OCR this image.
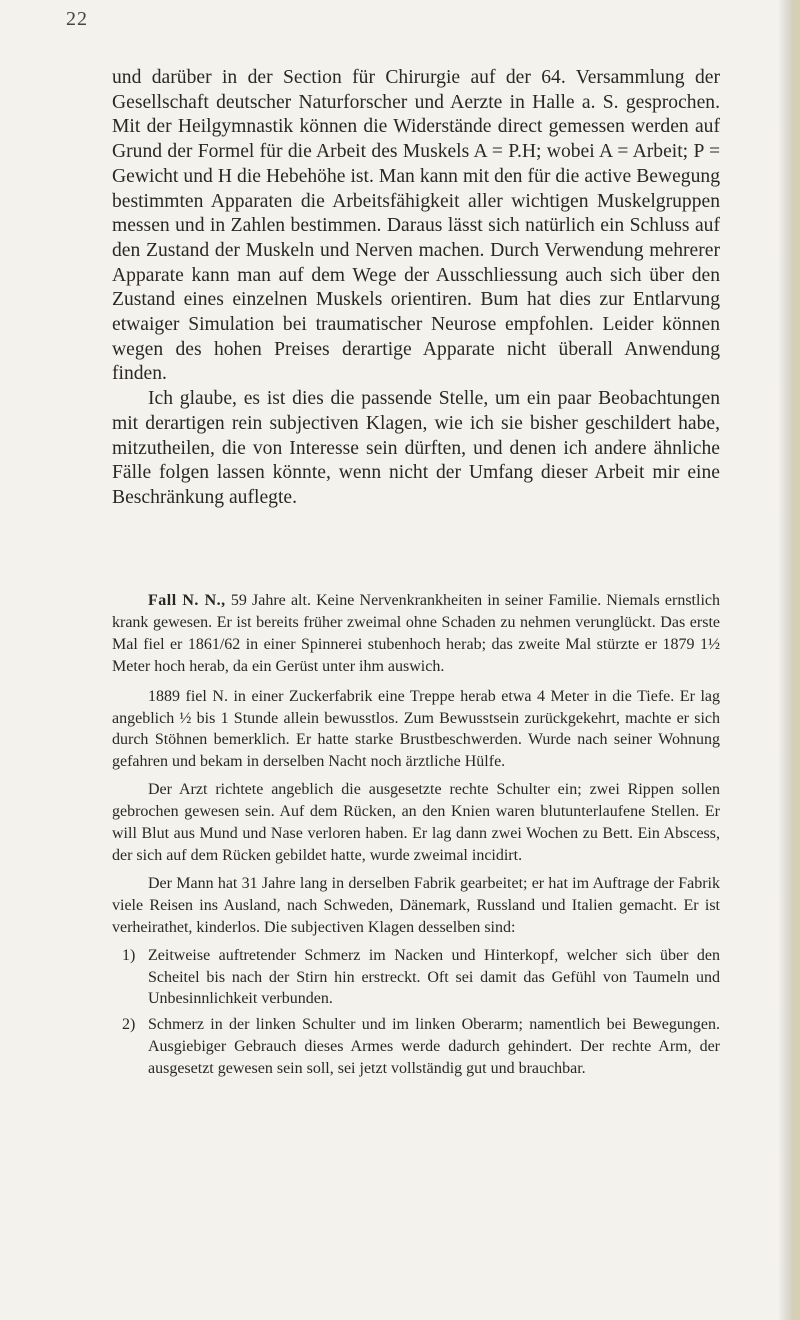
22

und darüber in der Section für Chirurgie auf der 64. Versammlung der Gesellschaft deutscher Naturforscher und Aerzte in Halle a. S. gesprochen. Mit der Heilgymnastik können die Widerstände direct gemessen werden auf Grund der Formel für die Arbeit des Muskels A = P.H; wobei A = Arbeit; P = Gewicht und H die Hebehöhe ist. Man kann mit den für die active Bewegung bestimmten Apparaten die Arbeitsfähigkeit aller wichtigen Muskelgruppen messen und in Zahlen bestimmen. Daraus lässt sich natürlich ein Schluss auf den Zustand der Muskeln und Nerven machen. Durch Verwendung mehrerer Apparate kann man auf dem Wege der Ausschliessung auch sich über den Zustand eines einzelnen Muskels orientiren. Bum hat dies zur Entlarvung etwaiger Simulation bei traumatischer Neurose empfohlen. Leider können wegen des hohen Preises derartige Apparate nicht überall Anwendung finden.

Ich glaube, es ist dies die passende Stelle, um ein paar Beobachtungen mit derartigen rein subjectiven Klagen, wie ich sie bisher geschildert habe, mitzutheilen, die von Interesse sein dürften, und denen ich andere ähnliche Fälle folgen lassen könnte, wenn nicht der Umfang dieser Arbeit mir eine Beschränkung auflegte.

Fall N. N., 59 Jahre alt. Keine Nervenkrankheiten in seiner Familie. Niemals ernstlich krank gewesen. Er ist bereits früher zweimal ohne Schaden zu nehmen verunglückt. Das erste Mal fiel er 1861/62 in einer Spinnerei stubenhoch herab; das zweite Mal stürzte er 1879 1½ Meter hoch herab, da ein Gerüst unter ihm auswich.

1889 fiel N. in einer Zuckerfabrik eine Treppe herab etwa 4 Meter in die Tiefe. Er lag angeblich ½ bis 1 Stunde allein bewusstlos. Zum Bewusstsein zurückgekehrt, machte er sich durch Stöhnen bemerklich. Er hatte starke Brustbeschwerden. Wurde nach seiner Wohnung gefahren und bekam in derselben Nacht noch ärztliche Hülfe.

Der Arzt richtete angeblich die ausgesetzte rechte Schulter ein; zwei Rippen sollen gebrochen gewesen sein. Auf dem Rücken, an den Knien waren blutunterlaufene Stellen. Er will Blut aus Mund und Nase verloren haben. Er lag dann zwei Wochen zu Bett. Ein Abscess, der sich auf dem Rücken gebildet hatte, wurde zweimal incidirt.

Der Mann hat 31 Jahre lang in derselben Fabrik gearbeitet; er hat im Auftrage der Fabrik viele Reisen ins Ausland, nach Schweden, Dänemark, Russland und Italien gemacht. Er ist verheirathet, kinderlos. Die subjectiven Klagen desselben sind:

1) Zeitweise auftretender Schmerz im Nacken und Hinterkopf, welcher sich über den Scheitel bis nach der Stirn hin erstreckt. Oft sei damit das Gefühl von Taumeln und Unbesinnlichkeit verbunden.
2) Schmerz in der linken Schulter und im linken Oberarm; namentlich bei Bewegungen. Ausgiebiger Gebrauch dieses Armes werde dadurch gehindert. Der rechte Arm, der ausgesetzt gewesen sein soll, sei jetzt vollständig gut und brauchbar.
